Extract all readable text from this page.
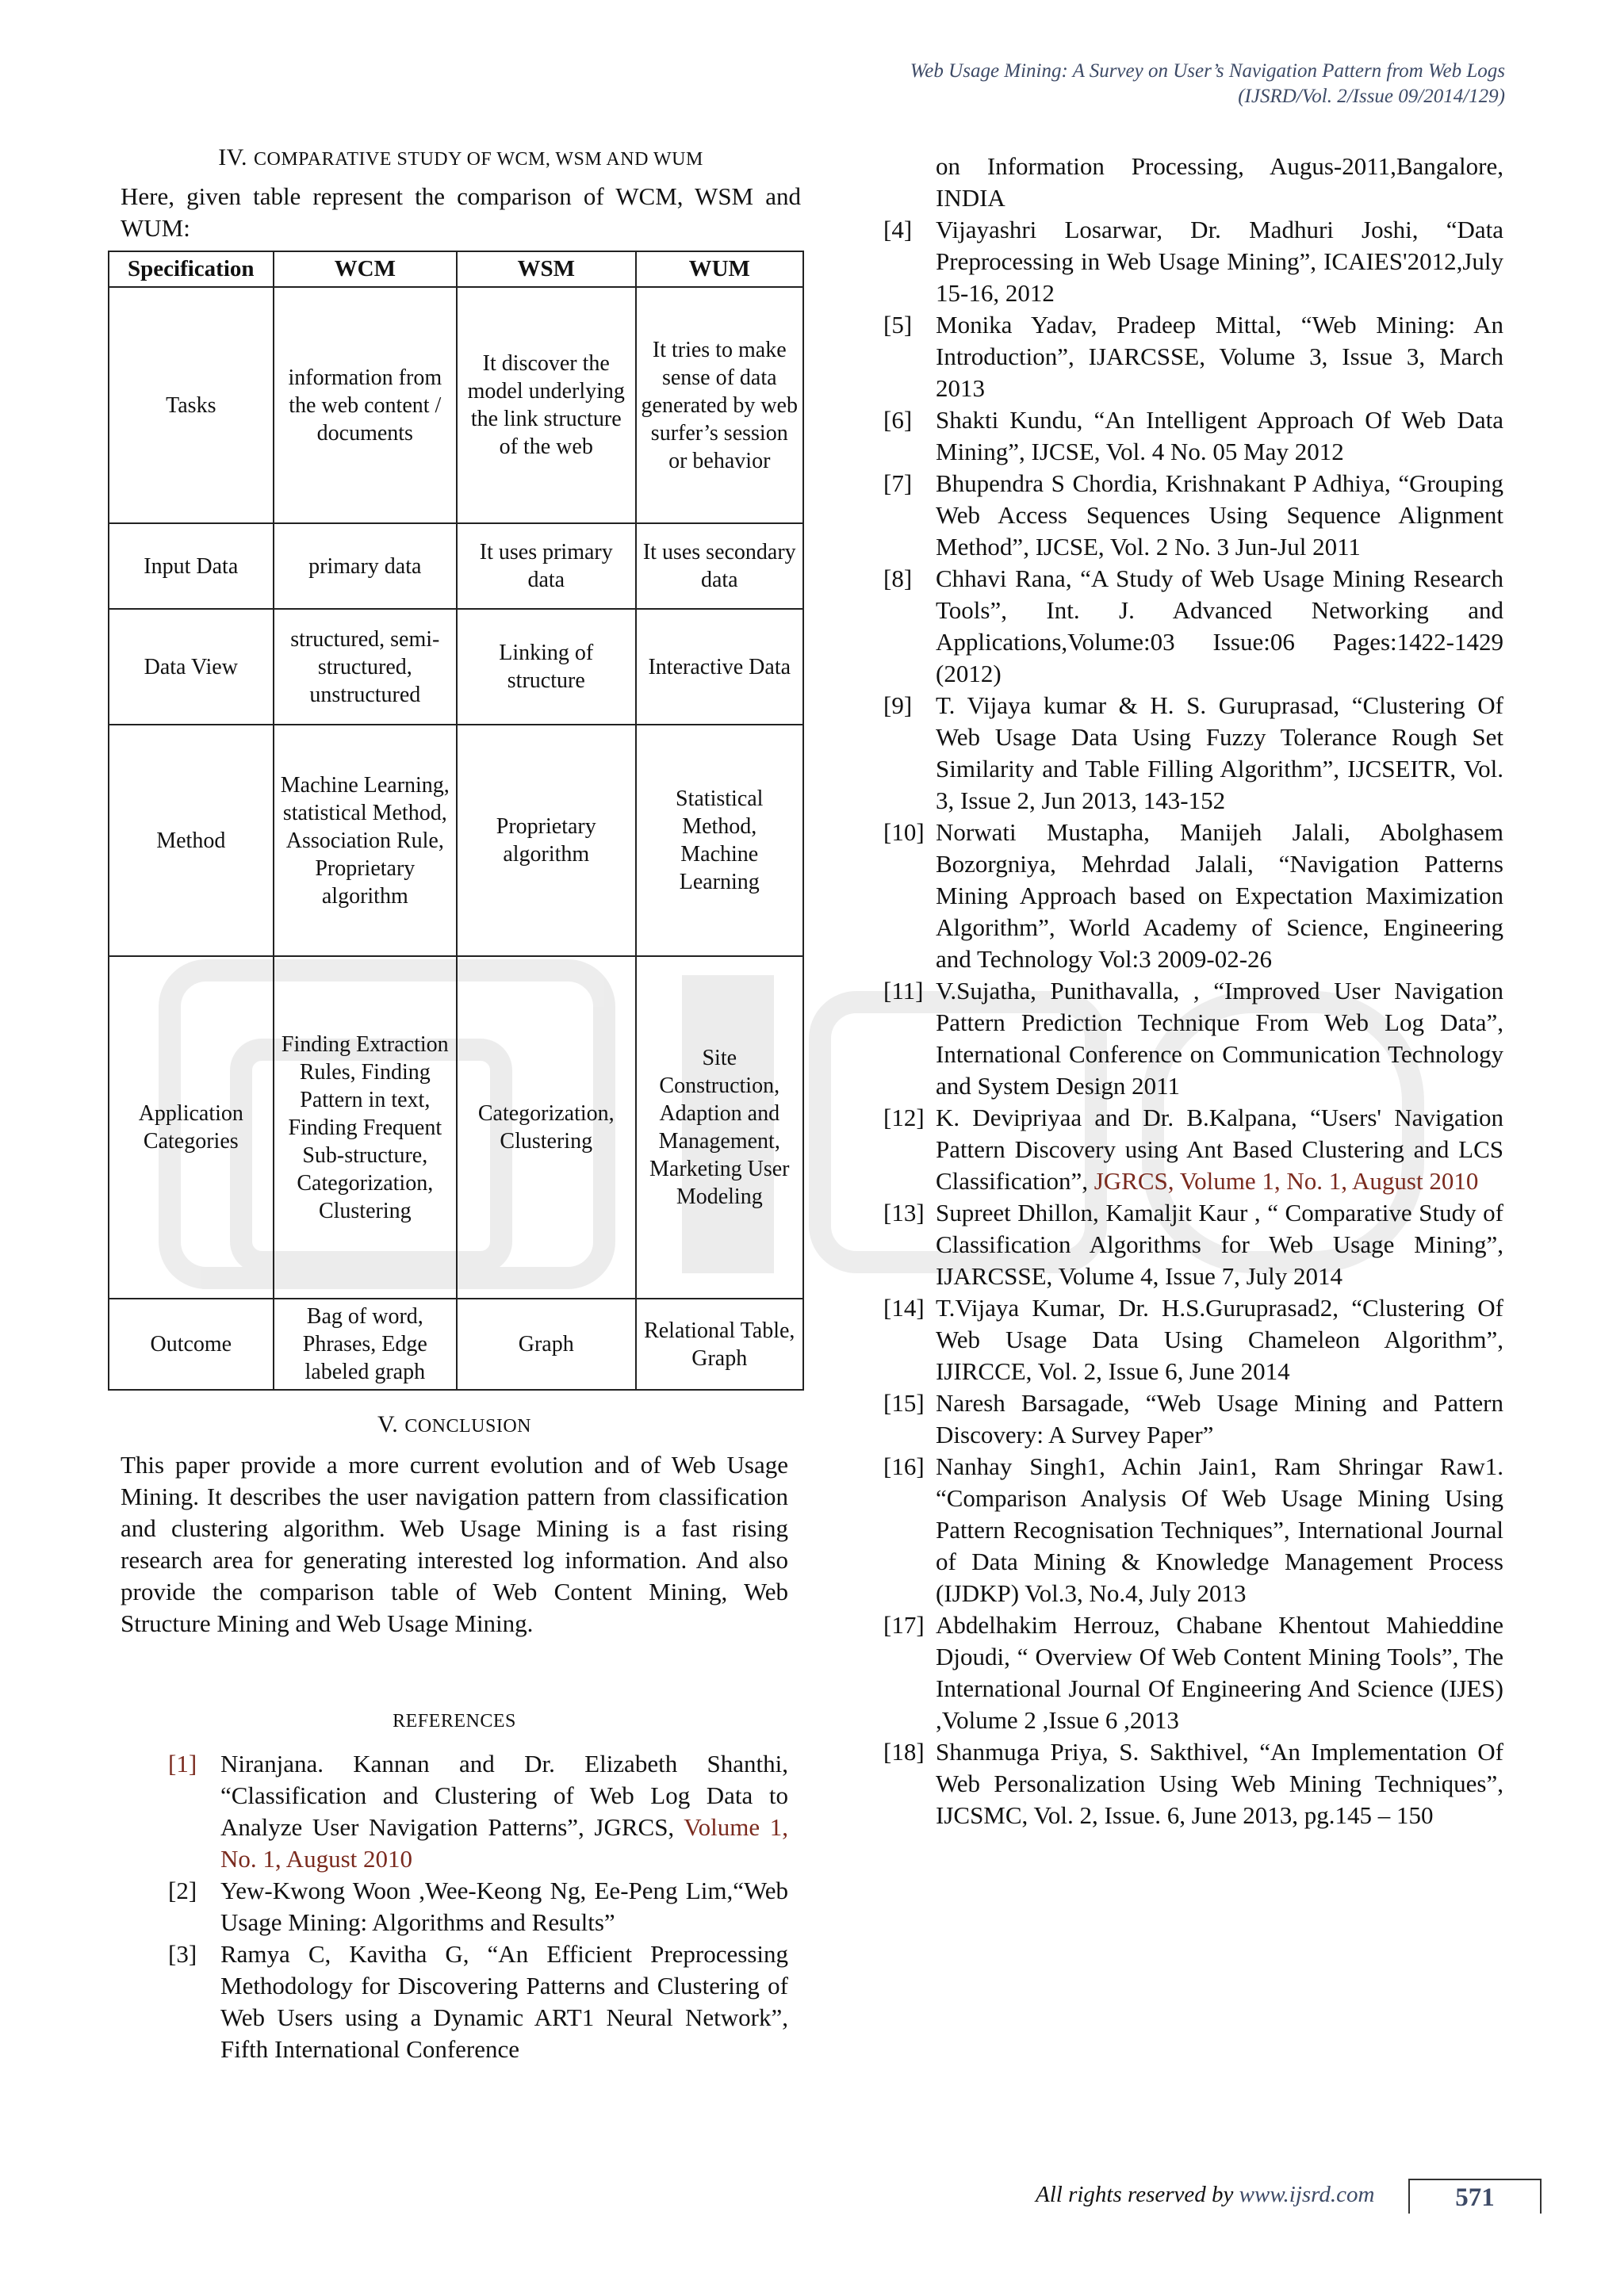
Web Usage Mining: A Survey on User’s Navigation Pattern from Web Logs
(IJSRD/Vol. 2/Issue 09/2014/129)

IV. COMPARATIVE STUDY OF WCM, WSM AND WUM

Here, given table represent the comparison of WCM, WSM and WUM:

Specification	WCM	WSM	WUM
Tasks	information from the web content / documents	It discover the model underlying the link structure of the web	It tries to make sense of data generated by web surfer’s session or behavior
Input Data	primary data	It uses primary data	It uses secondary data
Data View	structured, semi-structured, unstructured	Linking of structure	Interactive Data
Method	Machine Learning, statistical Method, Association Rule, Proprietary algorithm	Proprietary algorithm	Statistical Method, Machine Learning
Application Categories	Finding Extraction Rules, Finding Pattern in text, Finding Frequent Sub-structure, Categorization, Clustering	Categorization, Clustering	Site Construction, Adaption and Management, Marketing User Modeling
Outcome	Bag of word, Phrases, Edge labeled graph	Graph	Relational Table, Graph

V. CONCLUSION

This paper provide a more current evolution and of Web Usage Mining. It describes the user navigation pattern from classification and clustering algorithm. Web Usage Mining is a fast rising research area for generating interested log information. And also provide the comparison table of Web Content Mining, Web Structure Mining and Web Usage Mining.

REFERENCES

[1] Niranjana. Kannan and Dr. Elizabeth Shanthi, “Classification and Clustering of Web Log Data to Analyze User Navigation Patterns”, JGRCS, Volume 1, No. 1, August 2010

[2] Yew-Kwong Woon ,Wee-Keong Ng, Ee-Peng Lim,“Web Usage Mining: Algorithms and Results”

[3] Ramya C, Kavitha G, “An Efficient Preprocessing Methodology for Discovering Patterns and Clustering of Web Users using a Dynamic ART1 Neural Network”, Fifth International Conference

on Information Processing, Augus-2011,Bangalore, INDIA

[4] Vijayashri Losarwar, Dr. Madhuri Joshi, “Data Preprocessing in Web Usage Mining”, ICAIES'2012,July 15-16, 2012

[5] Monika Yadav, Pradeep Mittal, “Web Mining: An Introduction”, IJARCSSE, Volume 3, Issue 3, March 2013

[6] Shakti Kundu, “An Intelligent Approach Of Web Data Mining”, IJCSE, Vol. 4 No. 05 May 2012

[7] Bhupendra S Chordia, Krishnakant P Adhiya, “Grouping Web Access Sequences Using Sequence Alignment Method”, IJCSE, Vol. 2 No. 3 Jun-Jul 2011

[8] Chhavi Rana, “A Study of Web Usage Mining Research Tools”, Int. J. Advanced Networking and Applications,Volume:03 Issue:06 Pages:1422-1429 (2012)

[9] T. Vijaya kumar & H. S. Guruprasad, “Clustering Of Web Usage Data Using Fuzzy Tolerance Rough Set Similarity and Table Filling Algorithm”, IJCSEITR, Vol. 3, Issue 2, Jun 2013, 143-152

[10] Norwati Mustapha, Manijeh Jalali, Abolghasem Bozorgniya, Mehrdad Jalali, “Navigation Patterns Mining Approach based on Expectation Maximization Algorithm”, World Academy of Science, Engineering and Technology Vol:3 2009-02-26

[11] V.Sujatha, Punithavalla, , “Improved User Navigation Pattern Prediction Technique From Web Log Data”, International Conference on Communication Technology and System Design 2011

[12] K. Devipriyaa and Dr. B.Kalpana, “Users' Navigation Pattern Discovery using Ant Based Clustering and LCS Classification”, JGRCS, Volume 1, No. 1, August 2010

[13] Supreet Dhillon, Kamaljit Kaur , “ Comparative Study of Classification Algorithms for Web Usage Mining”, IJARCSSE, Volume 4, Issue 7, July 2014

[14] T.Vijaya Kumar, Dr. H.S.Guruprasad2, “Clustering Of Web Usage Data Using Chameleon Algorithm”, IJIRCCE, Vol. 2, Issue 6, June 2014

[15] Naresh Barsagade, “Web Usage Mining and Pattern Discovery: A Survey Paper”

[16] Nanhay Singh1, Achin Jain1, Ram Shringar Raw1. “Comparison Analysis Of Web Usage Mining Using Pattern Recognisation Techniques”, International Journal of Data Mining & Knowledge Management Process (IJDKP) Vol.3, No.4, July 2013

[17] Abdelhakim Herrouz, Chabane Khentout Mahieddine Djoudi, “ Overview Of Web Content Mining Tools”, The International Journal Of Engineering And Science (IJES) ,Volume 2 ,Issue 6 ,2013

[18] Shanmuga Priya, S. Sakthivel, “An Implementation Of Web Personalization Using Web Mining Techniques”, IJCSMC, Vol. 2, Issue. 6, June 2013, pg.145 – 150

All rights reserved by www.ijsrd.com	571
